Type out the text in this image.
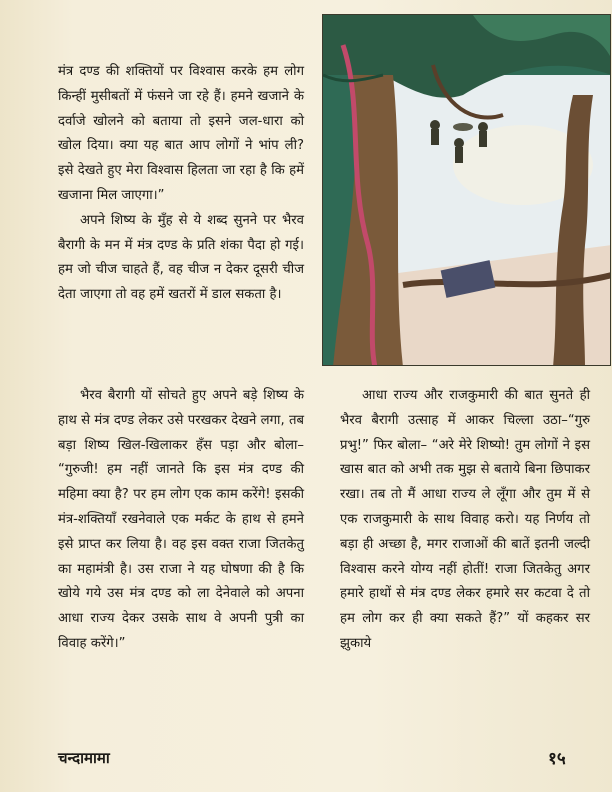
मंत्र दण्ड की शक्तियों पर विश्वास करके हम लोग किन्हीं मुसीबतों में फंसने जा रहे हैं। हमने खजाने के दर्वाजे खोलने को बताया तो इसने जल-धारा को खोल दिया। क्या यह बात आप लोगों ने भांप ली? इसे देखते हुए मेरा विश्वास हिलता जा रहा है कि हमें खजाना मिल जाएगा।”

अपने शिष्य के मुँह से ये शब्द सुनने पर भैरव बैरागी के मन में मंत्र दण्ड के प्रति शंका पैदा हो गई। हम जो चीज चाहते हैं, वह चीज न देकर दूसरी चीज देता जाएगा तो वह हमें खतरों में डाल सकता है।

भैरव बैरागी यों सोचते हुए अपने बड़े शिष्य के हाथ से मंत्र दण्ड लेकर उसे परखकर देखने लगा, तब बड़ा शिष्य खिल-खिलाकर हँस पड़ा और बोला– “गुरुजी! हम नहीं जानते कि इस मंत्र दण्ड की महिमा क्या है? पर हम लोग एक काम करेंगे! इसकी मंत्र-शक्तियाँ रखनेवाले एक मर्कट के हाथ से हमने इसे प्राप्त कर लिया है। वह इस वक्त राजा जितकेतु का महामंत्री है। उस राजा ने यह घोषणा की है कि खोये गये उस मंत्र दण्ड को ला देनेवाले को अपना आधा राज्य देकर उसके साथ वे अपनी पुत्री का विवाह करेंगे।”

आधा राज्य और राजकुमारी की बात सुनते ही भैरव बैरागी उत्साह में आकर चिल्ला उठा–“गुरु प्रभु!” फिर बोला– “अरे मेरे शिष्यो! तुम लोगों ने इस खास बात को अभी तक मुझ से बताये बिना छिपाकर रखा। तब तो मैं आधा राज्य ले लूँगा और तुम में से एक राजकुमारी के साथ विवाह करो। यह निर्णय तो बड़ा ही अच्छा है, मगर राजाओं की बातें इतनी जल्दी विश्वास करने योग्य नहीं होतीं! राजा जितकेतु अगर हमारे हाथों से मंत्र दण्ड लेकर हमारे सर कटवा दे तो हम लोग कर ही क्या सकते हैं?” यों कहकर सर झुकाये

चन्दामामा	१५
